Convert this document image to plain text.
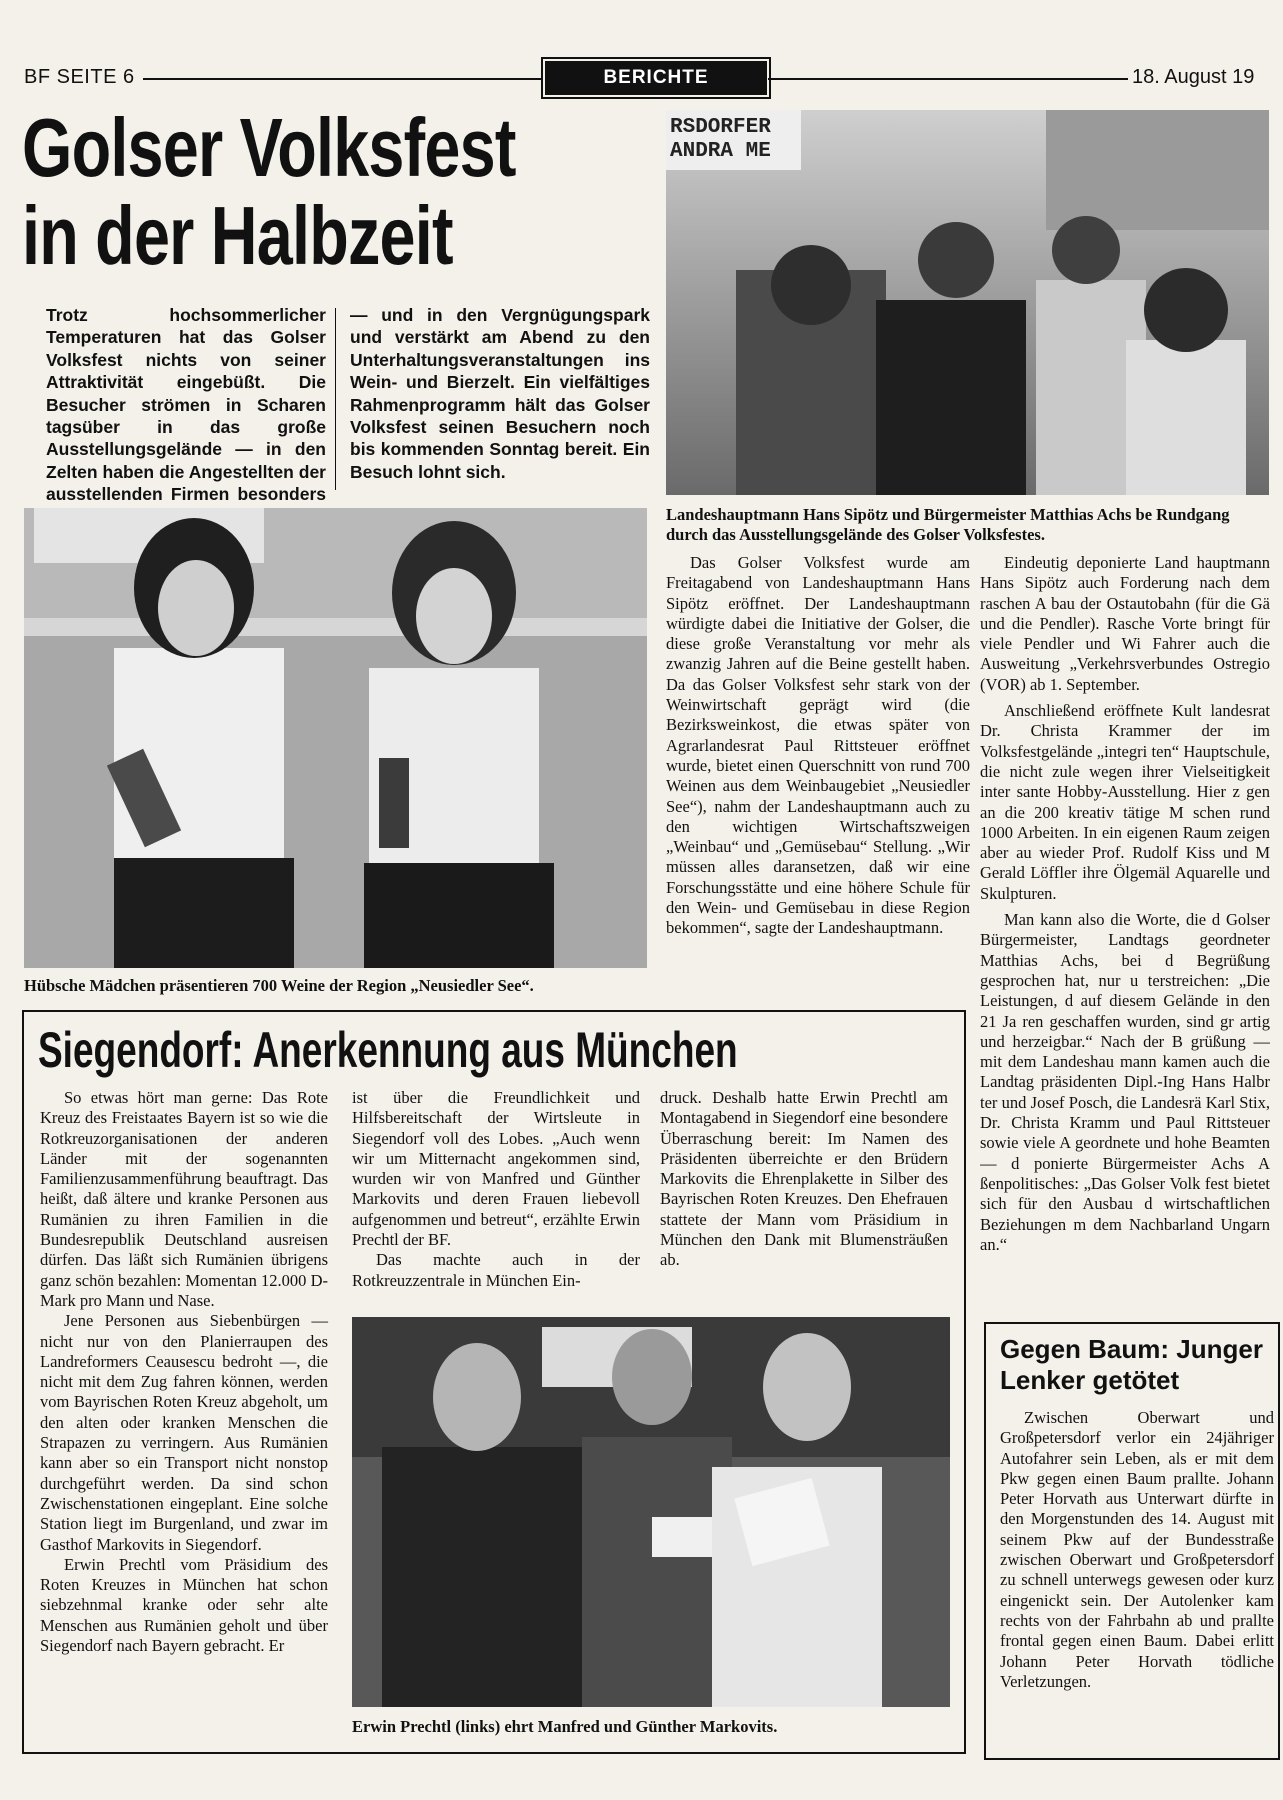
BF SEITE 6	BERICHTE	18. August 19
Golser Volksfest
in der Halbzeit
Trotz hochsommerlicher Temperaturen hat das Golser Volksfest nichts von seiner Attraktivität eingebüßt. Die Besucher strömen in Scharen tagsüber in das große Ausstellungsgelände — in den Zelten haben die Angestellten der ausstellenden Firmen besonders
— und in den Vergnügungspark und verstärkt am Abend zu den Unterhaltungsveranstaltungen ins Wein- und Bierzelt. Ein vielfältiges Rahmenprogramm hält das Golser Volksfest seinen Besuchern noch bis kommenden Sonntag bereit. Ein Besuch lohnt sich.
RSDORFER
ANDRA ME
Landeshauptmann Hans Sipötz und Bürgermeister Matthias Achs be Rundgang durch das Ausstellungsgelände des Golser Volksfestes.
Hübsche Mädchen präsentieren 700 Weine der Region „Neusiedler See“.

Das Golser Volksfest wurde am Freitagabend von Landeshauptmann Hans Sipötz eröffnet. Der Landeshauptmann würdigte dabei die Initiative der Golser, die diese große Veranstaltung vor mehr als zwanzig Jahren auf die Beine gestellt haben. Da das Golser Volksfest sehr stark von der Weinwirtschaft geprägt wird (die Bezirksweinkost, die etwas später von Agrarlandesrat Paul Rittsteuer eröffnet wurde, bietet einen Querschnitt von rund 700 Weinen aus dem Weinbaugebiet „Neusiedler See“), nahm der Landeshauptmann auch zu den wichtigen Wirtschaftszweigen „Weinbau“ und „Gemüsebau“ Stellung. „Wir müssen alles daransetzen, daß wir eine Forschungsstätte und eine höhere Schule für den Wein- und Gemüsebau in diese Region bekommen“, sagte der Landeshauptmann.

Eindeutig deponierte Land hauptmann Hans Sipötz auch Forderung nach dem raschen A bau der Ostautobahn (für die Gä und die Pendler). Rasche Vorte bringt für viele Pendler und Wi Fahrer auch die Ausweitung „Verkehrsverbundes Ostregio (VOR) ab 1. September.

Anschließend eröffnete Kult landesrat Dr. Christa Krammer der im Volksfestgelände „integri ten“ Hauptschule, die nicht zule wegen ihrer Vielseitigkeit inter sante Hobby-Ausstellung. Hier z gen an die 200 kreativ tätige M schen rund 1000 Arbeiten. In ein eigenen Raum zeigen aber au wieder Prof. Rudolf Kiss und M Gerald Löffler ihre Ölgemäl Aquarelle und Skulpturen.

Man kann also die Worte, die d Golser Bürgermeister, Landtags geordneter Matthias Achs, bei d Begrüßung gesprochen hat, nur u terstreichen: „Die Leistungen, d auf diesem Gelände in den 21 Ja ren geschaffen wurden, sind gr artig und herzeigbar.“ Nach der B grüßung — mit dem Landeshau mann kamen auch die Landtag präsidenten Dipl.-Ing Hans Halbr ter und Josef Posch, die Landesrä Karl Stix, Dr. Christa Kramm und Paul Rittsteuer sowie viele A geordnete und hohe Beamten — d ponierte Bürgermeister Achs A ßenpolitisches: „Das Golser Volk fest bietet sich für den Ausbau d wirtschaftlichen Beziehungen m dem Nachbarland Ungarn an.“

Siegendorf: Anerkennung aus München

So etwas hört man gerne: Das Rote Kreuz des Freistaates Bayern ist so wie die Rotkreuzorganisationen der anderen Länder mit der sogenannten Familienzusammenführung beauftragt. Das heißt, daß ältere und kranke Personen aus Rumänien zu ihren Familien in die Bundesrepublik Deutschland ausreisen dürfen. Das läßt sich Rumänien übrigens ganz schön bezahlen: Momentan 12.000 D-Mark pro Mann und Nase.

Jene Personen aus Siebenbürgen — nicht nur von den Planierraupen des Landreformers Ceausescu bedroht —, die nicht mit dem Zug fahren können, werden vom Bayrischen Roten Kreuz abgeholt, um den alten oder kranken Menschen die Strapazen zu verringern. Aus Rumänien kann aber so ein Transport nicht nonstop durchgeführt werden. Da sind schon Zwischenstationen eingeplant. Eine solche Station liegt im Burgenland, und zwar im Gasthof Markovits in Siegendorf.

Erwin Prechtl vom Präsidium des Roten Kreuzes in München hat schon siebzehnmal kranke oder sehr alte Menschen aus Rumänien geholt und über Siegendorf nach Bayern gebracht. Er

ist über die Freundlichkeit und Hilfsbereitschaft der Wirtsleute in Siegendorf voll des Lobes. „Auch wenn wir um Mitternacht angekommen sind, wurden wir von Manfred und Günther Markovits und deren Frauen liebevoll aufgenommen und betreut“, erzählte Erwin Prechtl der BF.

Das machte auch in der Rotkreuzzentrale in München Ein-

druck. Deshalb hatte Erwin Prechtl am Montagabend in Siegendorf eine besondere Überraschung bereit: Im Namen des Präsidenten überreichte er den Brüdern Markovits die Ehrenplakette in Silber des Bayrischen Roten Kreuzes. Den Ehefrauen stattete der Mann vom Präsidium in München den Dank mit Blumensträußen ab.

Erwin Prechtl (links) ehrt Manfred und Günther Markovits.
Gegen Baum: Junger Lenker getötet

Zwischen Oberwart und Großpetersdorf verlor ein 24jähriger Autofahrer sein Leben, als er mit dem Pkw gegen einen Baum prallte. Johann Peter Horvath aus Unterwart dürfte in den Morgenstunden des 14. August mit seinem Pkw auf der Bundesstraße zwischen Oberwart und Großpetersdorf zu schnell unterwegs gewesen oder kurz eingenickt sein. Der Autolenker kam rechts von der Fahrbahn ab und prallte frontal gegen einen Baum. Dabei erlitt Johann Peter Horvath tödliche Verletzungen.
